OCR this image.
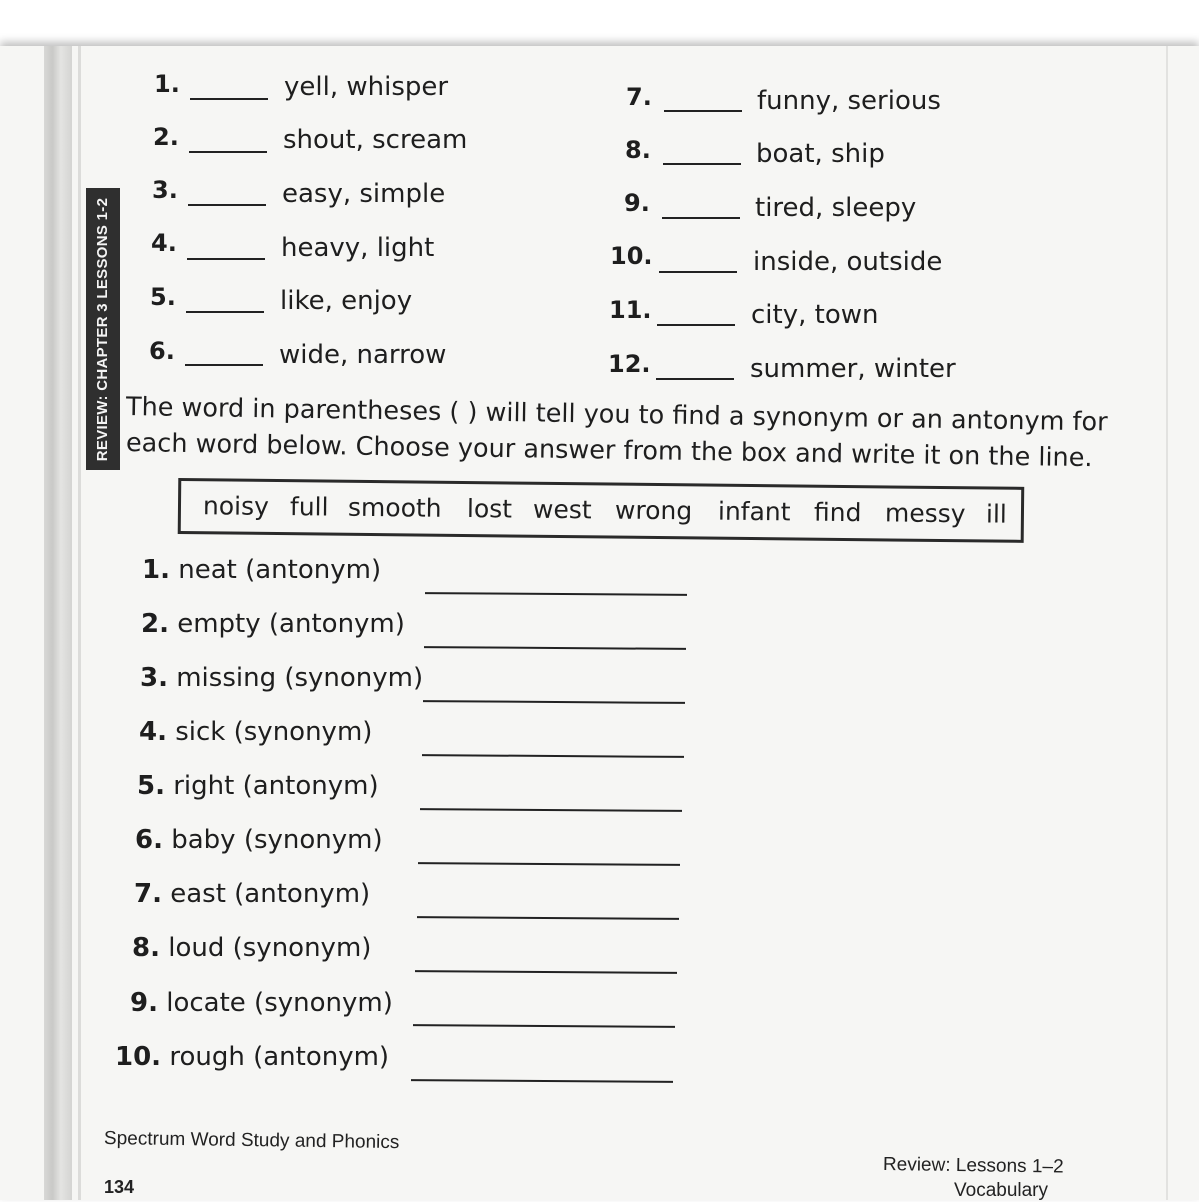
REVIEW: CHAPTER 3 LESSONS 1-2
1.	yell, whisper
2.	shout, scream
3.	easy, simple
4.	heavy, light
5.	like, enjoy
6.	wide, narrow
7.	funny, serious
8.	boat, ship
9.	tired, sleepy
10.	inside, outside
11.	city, town
12.	summer, winter
The word in parentheses ( ) will tell you to find a synonym or an antonym for
each word below. Choose your answer from the box and write it on the line.
noisy full smooth lost west wrong infant find messy ill
1. neat (antonym)
2. empty (antonym)
3. missing (synonym)
4. sick (synonym)
5. right (antonym)
6. baby (synonym)
7. east (antonym)
8. loud (synonym)
9. locate (synonym)
10. rough (antonym)
Spectrum Word Study and Phonics
134
Review: Lessons 1–2
Vocabulary
